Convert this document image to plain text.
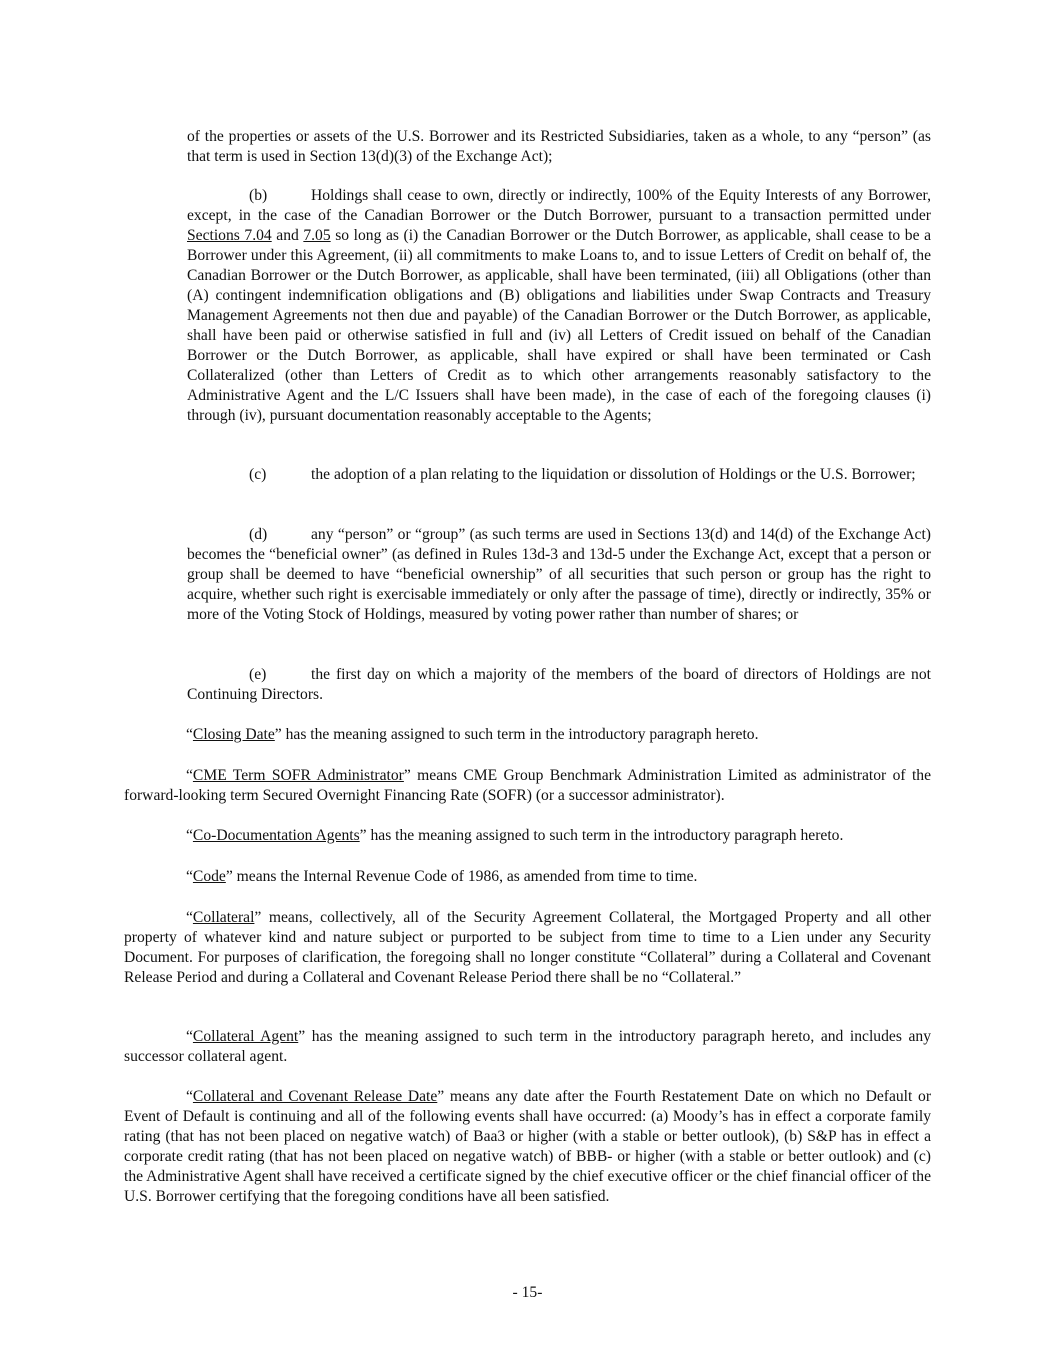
of the properties or assets of the U.S. Borrower and its Restricted Subsidiaries, taken as a whole, to any “person” (as that term is used in Section 13(d)(3) of the Exchange Act);

(b)	Holdings shall cease to own, directly or indirectly, 100% of the Equity Interests of any Borrower, except, in the case of the Canadian Borrower or the Dutch Borrower, pursuant to a transaction permitted under Sections 7.04 and 7.05 so long as (i) the Canadian Borrower or the Dutch Borrower, as applicable, shall cease to be a Borrower under this Agreement, (ii) all commitments to make Loans to, and to issue Letters of Credit on behalf of, the Canadian Borrower or the Dutch Borrower, as applicable, shall have been terminated, (iii) all Obligations (other than (A) contingent indemnification obligations and (B) obligations and liabilities under Swap Contracts and Treasury Management Agreements not then due and payable) of the Canadian Borrower or the Dutch Borrower, as applicable, shall have been paid or otherwise satisfied in full and (iv) all Letters of Credit issued on behalf of the Canadian Borrower or the Dutch Borrower, as applicable, shall have expired or shall have been terminated or Cash Collateralized (other than Letters of Credit as to which other arrangements reasonably satisfactory to the Administrative Agent and the L/C Issuers shall have been made), in the case of each of the foregoing clauses (i) through (iv), pursuant documentation reasonably acceptable to the Agents;

(c)	the adoption of a plan relating to the liquidation or dissolution of Holdings or the U.S. Borrower;

(d)	any “person” or “group” (as such terms are used in Sections 13(d) and 14(d) of the Exchange Act) becomes the “beneficial owner” (as defined in Rules 13d-3 and 13d-5 under the Exchange Act, except that a person or group shall be deemed to have “beneficial ownership” of all securities that such person or group has the right to acquire, whether such right is exercisable immediately or only after the passage of time), directly or indirectly, 35% or more of the Voting Stock of Holdings, measured by voting power rather than number of shares; or

(e)	the first day on which a majority of the members of the board of directors of Holdings are not Continuing Directors.

“Closing Date” has the meaning assigned to such term in the introductory paragraph hereto.

“CME Term SOFR Administrator” means CME Group Benchmark Administration Limited as administrator of the forward-looking term Secured Overnight Financing Rate (SOFR) (or a successor administrator).

“Co-Documentation Agents” has the meaning assigned to such term in the introductory paragraph hereto.

“Code” means the Internal Revenue Code of 1986, as amended from time to time.

“Collateral” means, collectively, all of the Security Agreement Collateral, the Mortgaged Property and all other property of whatever kind and nature subject or purported to be subject from time to time to a Lien under any Security Document. For purposes of clarification, the foregoing shall no longer constitute “Collateral” during a Collateral and Covenant Release Period and during a Collateral and Covenant Release Period there shall be no “Collateral.”

“Collateral Agent” has the meaning assigned to such term in the introductory paragraph hereto, and includes any successor collateral agent.

“Collateral and Covenant Release Date” means any date after the Fourth Restatement Date on which no Default or Event of Default is continuing and all of the following events shall have occurred: (a) Moody’s has in effect a corporate family rating (that has not been placed on negative watch) of Baa3 or higher (with a stable or better outlook), (b) S&P has in effect a corporate credit rating (that has not been placed on negative watch) of BBB- or higher (with a stable or better outlook) and (c) the Administrative Agent shall have received a certificate signed by the chief executive officer or the chief financial officer of the U.S. Borrower certifying that the foregoing conditions have all been satisfied.

- 15-
